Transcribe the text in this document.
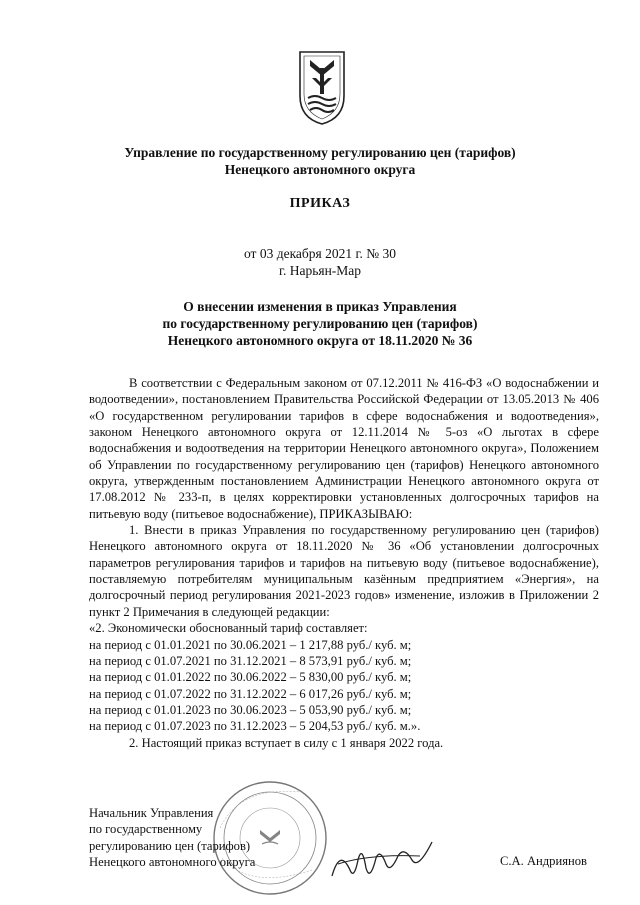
Управление по государственному регулированию цен (тарифов)
Ненецкого автономного округа
ПРИКАЗ
от 03 декабря 2021 г. № 30
г. Нарьян-Мар
О внесении изменения в приказ Управления
по государственному регулированию цен (тарифов)
Ненецкого автономного округа от 18.11.2020 № 36

В соответствии с Федеральным законом от 07.12.2011 № 416-ФЗ «О водоснабжении и водоотведении», постановлением Правительства Российской Федерации от 13.05.2013 № 406 «О государственном регулировании тарифов в сфере водоснабжения и водоотведения», законом Ненецкого автономного округа от 12.11.2014 № 5-оз «О льготах в сфере водоснабжения и водоотведения на территории Ненецкого автономного округа», Положением об Управлении по государственному регулированию цен (тарифов) Ненецкого автономного округа, утвержденным постановлением Администрации Ненецкого автономного округа от 17.08.2012 № 233-п, в целях корректировки установленных долгосрочных тарифов на питьевую воду (питьевое водоснабжение), ПРИКАЗЫВАЮ:

1. Внести в приказ Управления по государственному регулированию цен (тарифов) Ненецкого автономного округа от 18.11.2020 № 36 «Об установлении долгосрочных параметров регулирования тарифов и тарифов на питьевую воду (питьевое водоснабжение), поставляемую потребителям муниципальным казённым предприятием «Энергия», на долгосрочный период регулирования 2021-2023 годов» изменение, изложив в Приложении 2 пункт 2 Примечания в следующей редакции:

«2. Экономически обоснованный тариф составляет:

на период с 01.01.2021 по 30.06.2021 – 1 217,88 руб./ куб. м;

на период с 01.07.2021 по 31.12.2021 – 8 573,91 руб./ куб. м;

на период с 01.01.2022 по 30.06.2022 – 5 830,00 руб./ куб. м;

на период с 01.07.2022 по 31.12.2022 – 6 017,26 руб./ куб. м;

на период с 01.01.2023 по 30.06.2023 – 5 053,90 руб./ куб. м;

на период с 01.07.2023 по 31.12.2023 – 5 204,53 руб./ куб. м.».

2. Настоящий приказ вступает в силу с 1 января 2022 года.

Начальник Управления
по государственному
регулированию цен (тарифов)
Ненецкого автономного округа	С.А. Андриянов
